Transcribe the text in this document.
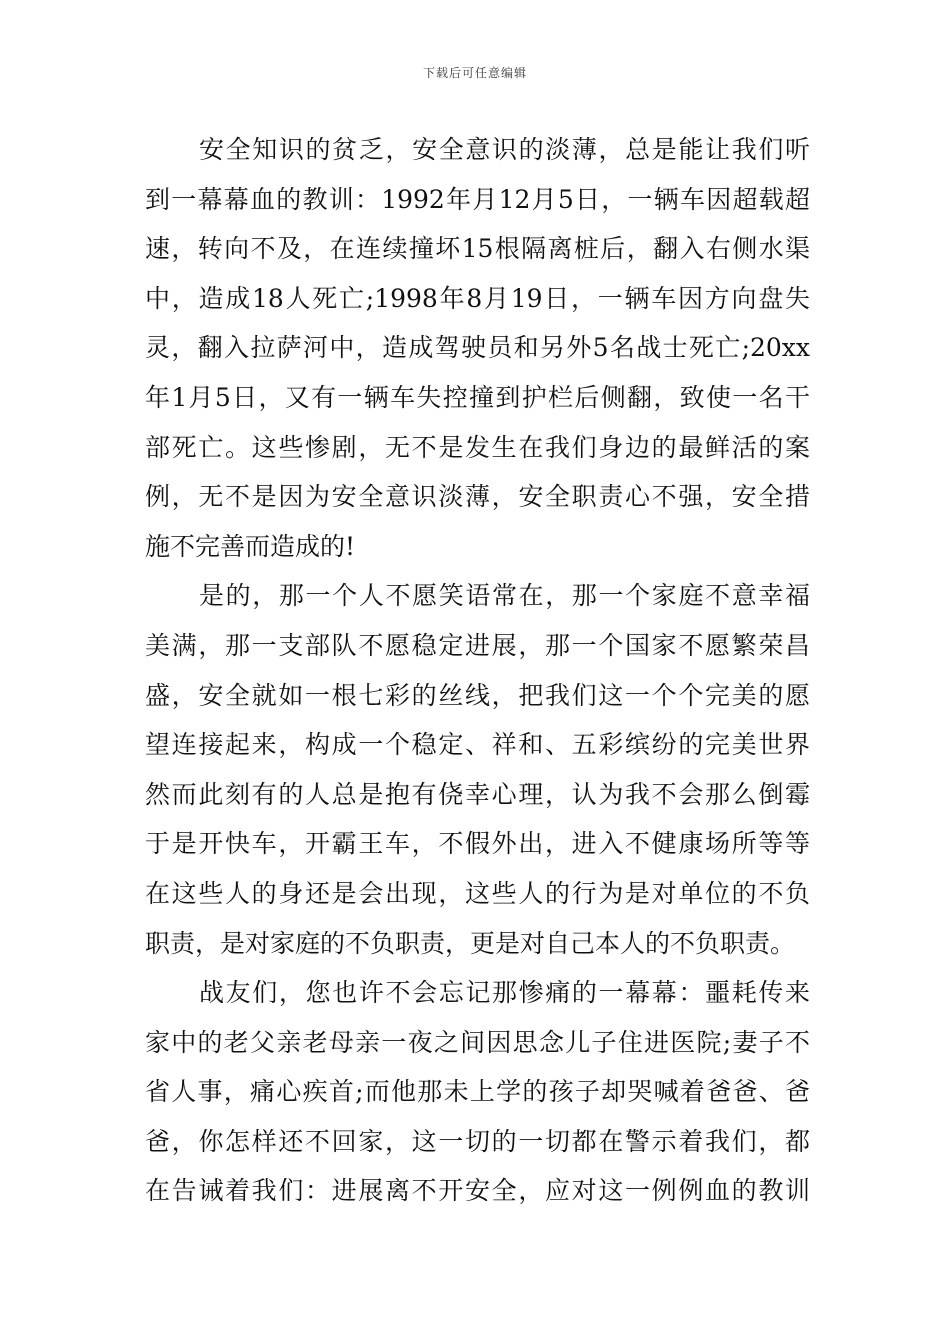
下载后可任意编辑
安全知识的贫乏，安全意识的淡薄，总是能让我们听
到一幕幕血的教训：1992年月12月5日，一辆车因超载超
速，转向不及，在连续撞坏15根隔离桩后，翻入右侧水渠
中，造成18人死亡;1998年8月19日，一辆车因方向盘失
灵，翻入拉萨河中，造成驾驶员和另外5名战士死亡;20xx
年1月5日，又有一辆车失控撞到护栏后侧翻，致使一名干
部死亡。这些惨剧，无不是发生在我们身边的最鲜活的案
例，无不是因为安全意识淡薄，安全职责心不强，安全措
施不完善而造成的!
是的，那一个人不愿笑语常在，那一个家庭不意幸福
美满，那一支部队不愿稳定进展，那一个国家不愿繁荣昌
盛，安全就如一根七彩的丝线，把我们这一个个完美的愿
望连接起来，构成一个稳定、祥和、五彩缤纷的完美世界
然而此刻有的人总是抱有侥幸心理，认为我不会那么倒霉
于是开快车，开霸王车，不假外出，进入不健康场所等等
在这些人的身还是会出现，这些人的行为是对单位的不负
职责，是对家庭的不负职责，更是对自己本人的不负职责。
战友们，您也许不会忘记那惨痛的一幕幕：噩耗传来
家中的老父亲老母亲一夜之间因思念儿子住进医院;妻子不
省人事，痛心疾首;而他那未上学的孩子却哭喊着爸爸、爸
爸，你怎样还不回家，这一切的一切都在警示着我们，都
在告诫着我们：进展离不开安全，应对这一例例血的教训
